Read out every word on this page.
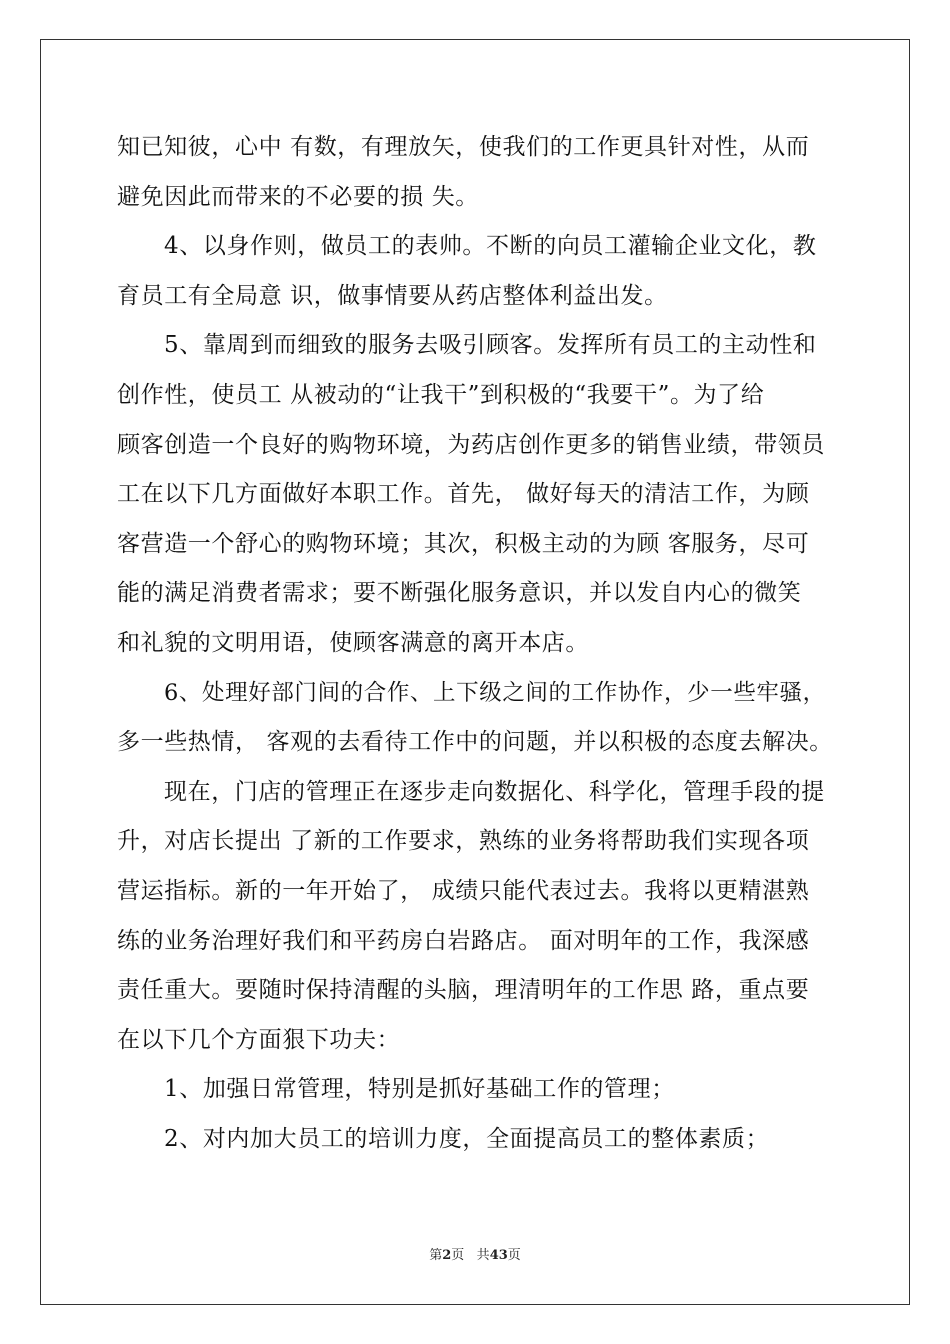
知已知彼，心中 有数，有理放矢，使我们的工作更具针对性，从而
避免因此而带来的不必要的损 失。
4、以身作则，做员工的表帅。不断的向员工灌输企业文化，教
育员工有全局意 识，做事情要从药店整体利益出发。
5、靠周到而细致的服务去吸引顾客。发挥所有员工的主动性和
创作性，使员工 从被动的“让我干”到积极的“我要干”。为了给
顾客创造一个良好的购物环境，为药店创作更多的销售业绩，带领员
工在以下几方面做好本职工作。首先， 做好每天的清洁工作，为顾
客营造一个舒心的购物环境；其次，积极主动的为顾 客服务，尽可
能的满足消费者需求；要不断强化服务意识，并以发自内心的微笑
和礼貌的文明用语，使顾客满意的离开本店。
6、处理好部门间的合作、上下级之间的工作协作，少一些牢骚，
多一些热情， 客观的去看待工作中的问题，并以积极的态度去解决。
现在，门店的管理正在逐步走向数据化、科学化，管理手段的提
升，对店长提出 了新的工作要求，熟练的业务将帮助我们实现各项
营运指标。新的一年开始了， 成绩只能代表过去。我将以更精湛熟
练的业务治理好我们和平药房白岩路店。 面对明年的工作，我深感
责任重大。要随时保持清醒的头脑，理清明年的工作思 路，重点要
在以下几个方面狠下功夫：
1、加强日常管理，特别是抓好基础工作的管理；
2、对内加大员工的培训力度，全面提高员工的整体素质；
第2页 共43页
